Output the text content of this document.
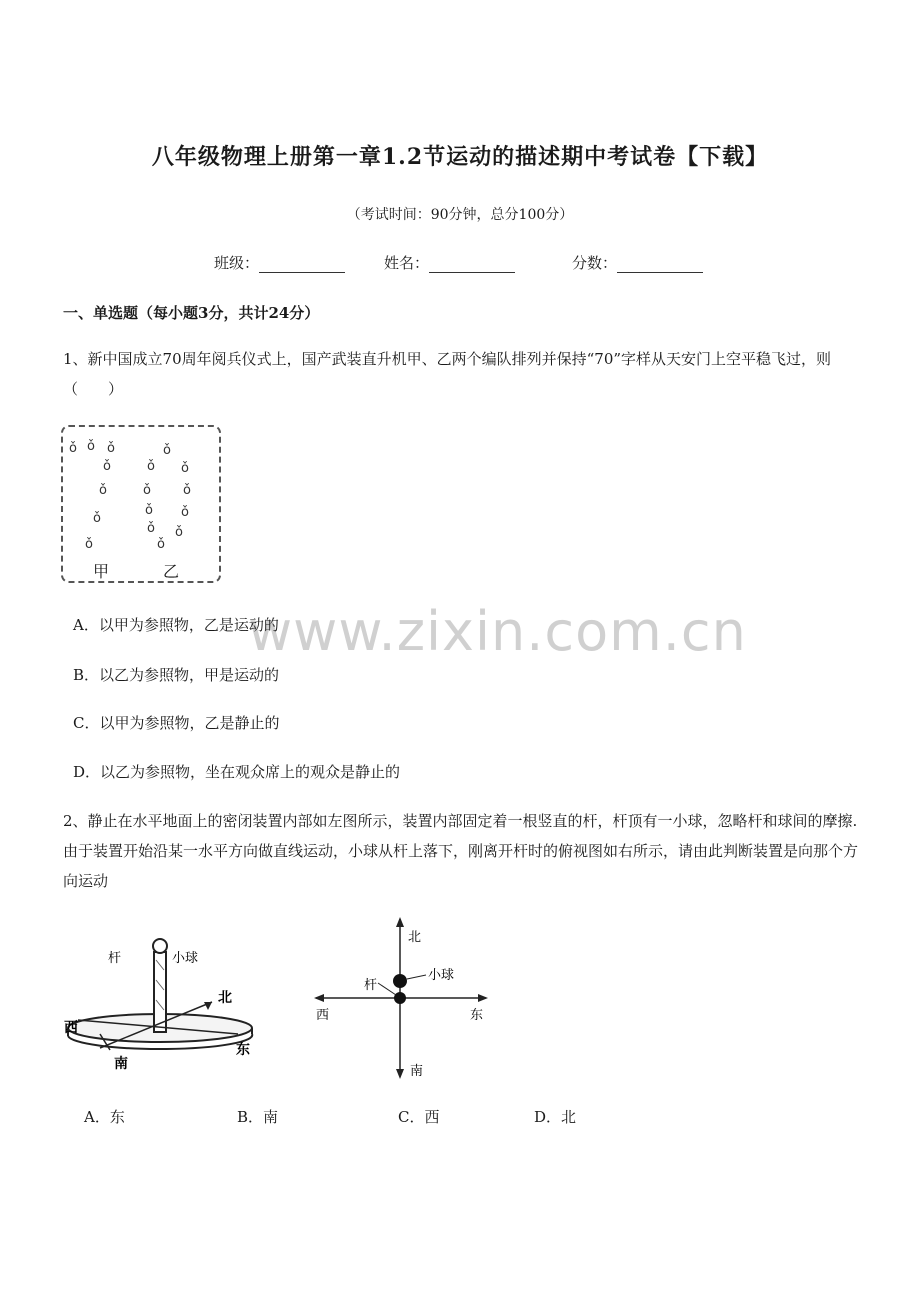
八年级物理上册第一章1.2节运动的描述期中考试卷【下载】
（考试时间：90分钟，总分100分）
班级：	姓名：	分数：
一、单选题（每小题3分，共计24分）
1、新中国成立70周年阅兵仪式上，国产武装直升机甲、乙两个编队排列并保持“70”字样从天安门上空平稳飞过，则（　　）
ǒ ǒ ǒ
ǒ
ǒ
ǒ
ǒ
ǒ
ǒ ǒ
ǒ ǒ
ǒ ǒ
ǒ ǒ
ǒ
甲	乙
www.zixin.com.cn
A．以甲为参照物，乙是运动的
B．以乙为参照物，甲是运动的
C．以甲为参照物，乙是静止的
D．以乙为参照物，坐在观众席上的观众是静止的
2、静止在水平地面上的密闭装置内部如左图所示，装置内部固定着一根竖直的杆，杆顶有一小球，忽略杆和球间的摩擦.由于装置开始沿某一水平方向做直线运动，小球从杆上落下，刚离开杆时的俯视图如右所示，请由此判断装置是向那个方向运动
杆	小球
北
西
南
东
北
杆
小球
西	东
南
A．东	B．南	C．西	D．北
